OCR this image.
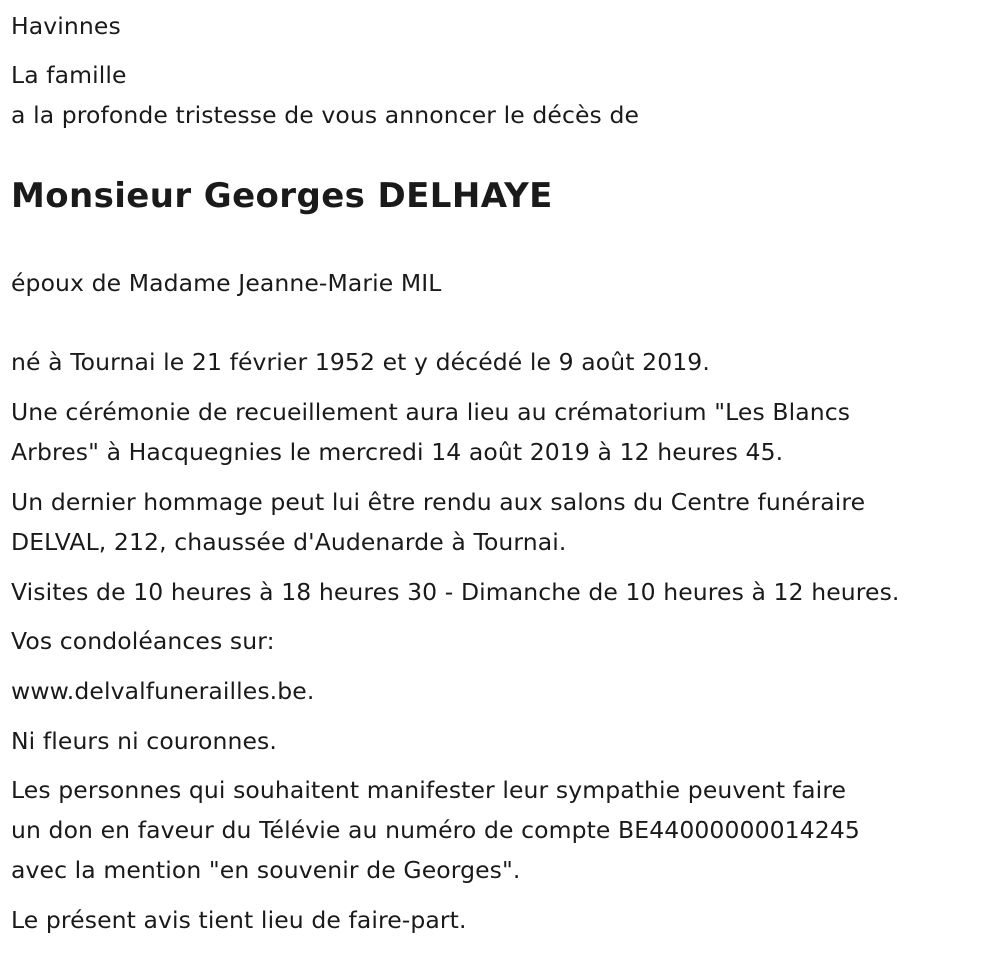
Havinnes
La famille
a la profonde tristesse de vous annoncer le décès de
Monsieur Georges DELHAYE
époux de Madame Jeanne-Marie MIL
né à Tournai le 21 février 1952 et y décédé le 9 août 2019.
Une cérémonie de recueillement aura lieu au crématorium "Les Blancs
Arbres" à Hacquegnies le mercredi 14 août 2019 à 12 heures 45.
Un dernier hommage peut lui être rendu aux salons du Centre funéraire
DELVAL, 212, chaussée d'Audenarde à Tournai.
Visites de 10 heures à 18 heures 30 - Dimanche de 10 heures à 12 heures.
Vos condoléances sur:
www.delvalfunerailles.be.
Ni fleurs ni couronnes.
Les personnes qui souhaitent manifester leur sympathie peuvent faire
un don en faveur du Télévie au numéro de compte BE44000000014245
avec la mention "en souvenir de Georges".
Le présent avis tient lieu de faire-part.
